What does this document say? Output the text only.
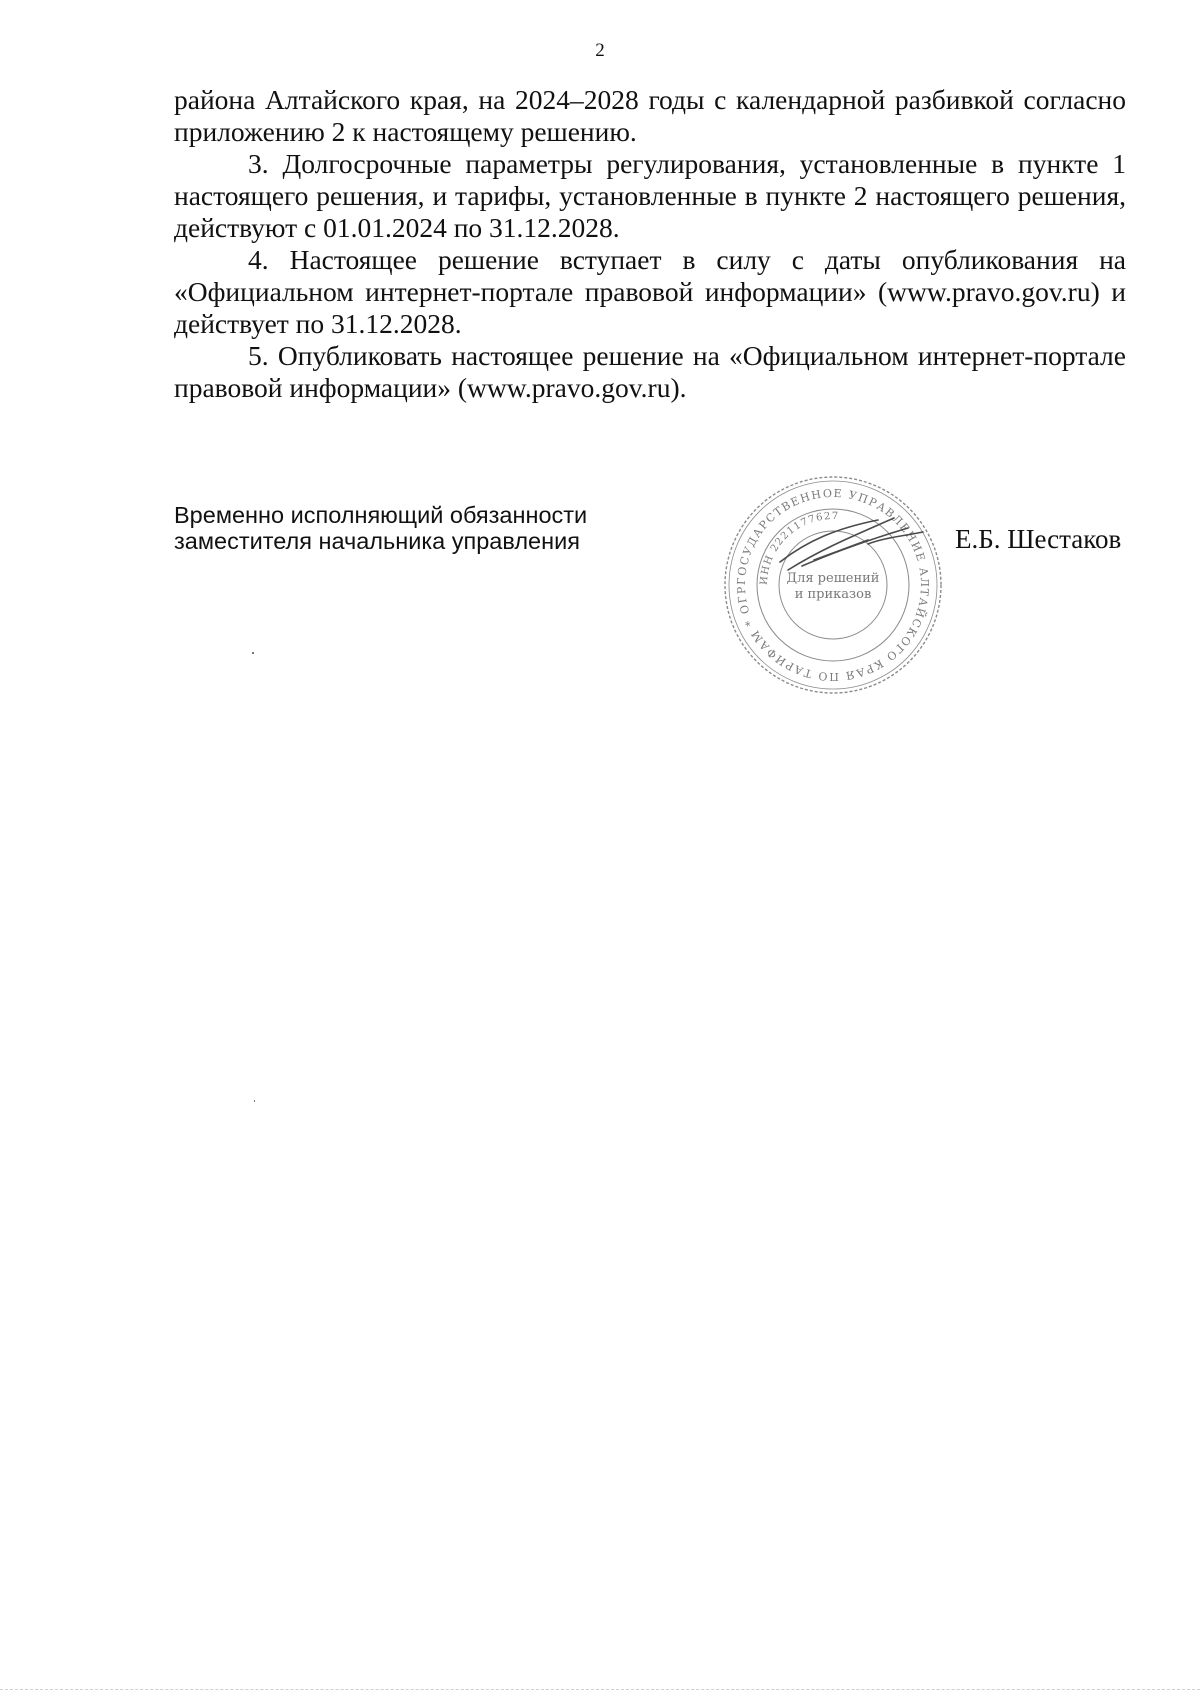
2

района Алтайского края, на 2024–2028 годы с календарной разбивкой согласно приложению 2 к настоящему решению.

3. Долгосрочные параметры регулирования, установленные в пункте 1 настоящего решения, и тарифы, установленные в пункте 2 настоящего решения, действуют с 01.01.2024 по 31.12.2028.

4. Настоящее решение вступает в силу с даты опубликования на «Официальном интернет-портале правовой информации» (www.pravo.gov.ru) и действует по 31.12.2028.

5. Опубликовать настоящее решение на «Официальном интернет-портале правовой информации» (www.pravo.gov.ru).

Временно исполняющий обязанности
заместителя начальника управления
ГОСУДАРСТВЕННОЕ УПРАВЛЕНИЕ АЛТАЙСКОГО КРАЯ ПО ТАРИФАМ * ОГР
ИНН 2221177627
Для решений
и приказов
Е.Б. Шестаков
